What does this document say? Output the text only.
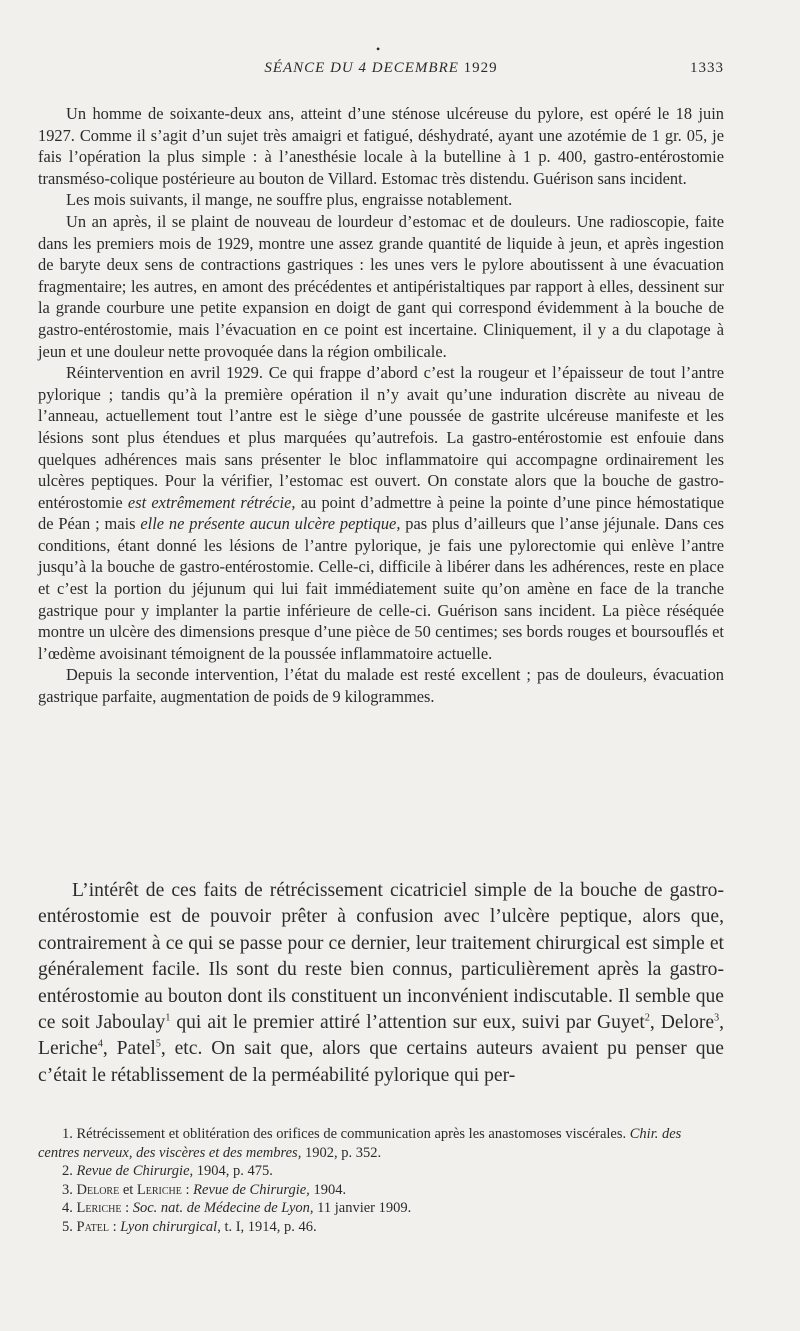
•
SÉANCE DU 4 DECEMBRE 1929	1333

Un homme de soixante-deux ans, atteint d’une sténose ulcéreuse du pylore, est opéré le 18 juin 1927. Comme il s’agit d’un sujet très amaigri et fatigué, déshydraté, ayant une azotémie de 1 gr. 05, je fais l’opération la plus simple : à l’anesthésie locale à la butelline à 1 p. 400, gastro-entérostomie transméso-colique postérieure au bouton de Villard. Estomac très distendu. Guérison sans incident.

Les mois suivants, il mange, ne souffre plus, engraisse notablement.

Un an après, il se plaint de nouveau de lourdeur d’estomac et de douleurs. Une radioscopie, faite dans les premiers mois de 1929, montre une assez grande quantité de liquide à jeun, et après ingestion de baryte deux sens de contractions gastriques : les unes vers le pylore aboutissent à une évacuation fragmentaire; les autres, en amont des précédentes et antipéristaltiques par rapport à elles, dessinent sur la grande courbure une petite expansion en doigt de gant qui correspond évidemment à la bouche de gastro-entérostomie, mais l’évacuation en ce point est incertaine. Cliniquement, il y a du clapotage à jeun et une douleur nette provoquée dans la région ombilicale.

Réintervention en avril 1929. Ce qui frappe d’abord c’est la rougeur et l’épaisseur de tout l’antre pylorique ; tandis qu’à la première opération il n’y avait qu’une induration discrète au niveau de l’anneau, actuellement tout l’antre est le siège d’une poussée de gastrite ulcéreuse manifeste et les lésions sont plus étendues et plus marquées qu’autrefois. La gastro-entérostomie est enfouie dans quelques adhérences mais sans présenter le bloc inflammatoire qui accompagne ordinairement les ulcères peptiques. Pour la vérifier, l’estomac est ouvert. On constate alors que la bouche de gastro-entérostomie est extrêmement rétrécie, au point d’admettre à peine la pointe d’une pince hémostatique de Péan ; mais elle ne présente aucun ulcère peptique, pas plus d’ailleurs que l’anse jéjunale. Dans ces conditions, étant donné les lésions de l’antre pylorique, je fais une pylorectomie qui enlève l’antre jusqu’à la bouche de gastro-entérostomie. Celle-ci, difficile à libérer dans les adhérences, reste en place et c’est la portion du jéjunum qui lui fait immédiatement suite qu’on amène en face de la tranche gastrique pour y implanter la partie inférieure de celle-ci. Guérison sans incident. La pièce réséquée montre un ulcère des dimensions presque d’une pièce de 50 centimes; ses bords rouges et boursouflés et l’œdème avoisinant témoignent de la poussée inflammatoire actuelle.

Depuis la seconde intervention, l’état du malade est resté excellent ; pas de douleurs, évacuation gastrique parfaite, augmentation de poids de 9 kilogrammes.

L’intérêt de ces faits de rétrécissement cicatriciel simple de la bouche de gastro-entérostomie est de pouvoir prêter à confusion avec l’ulcère peptique, alors que, contrairement à ce qui se passe pour ce dernier, leur traitement chirurgical est simple et généralement facile. Ils sont du reste bien connus, particulièrement après la gastro-entérostomie au bouton dont ils constituent un inconvénient indiscutable. Il semble que ce soit Jaboulay$^1$ qui ait le premier attiré l’attention sur eux, suivi par Guyet$^2$, Delore$^3$, Leriche$^4$, Patel$^5$, etc. On sait que, alors que certains auteurs avaient pu penser que c’était le rétablissement de la perméabilité pylorique qui per-

1. Rétrécissement et oblitération des orifices de communication après les anastomoses viscérales. Chir. des centres nerveux, des viscères et des membres, 1902, p. 352.

2. Revue de Chirurgie, 1904, p. 475.

3. Delore et Leriche : Revue de Chirurgie, 1904.

4. Leriche : Soc. nat. de Médecine de Lyon, 11 janvier 1909.

5. Patel : Lyon chirurgical, t. I, 1914, p. 46.
